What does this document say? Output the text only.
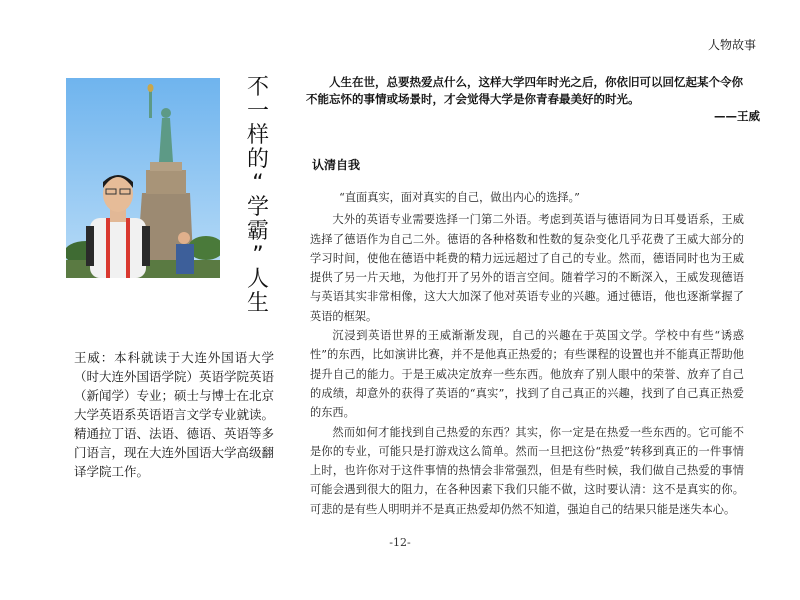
人物故事
不
一
样
的
“
学
霸
”
人
生
王威：本科就读于大连外国语大学（时大连外国语学院）英语学院英语（新闻学）专业；硕士与博士在北京大学英语系英语语言文学专业就读。精通拉丁语、法语、德语、英语等多门语言，现在大连外国语大学高级翻译学院工作。
人生在世，总要热爱点什么，这样大学四年时光之后，你依旧可以回忆起某个令你不能忘怀的事情或场景时，才会觉得大学是你青春最美好的时光。
——王威
认清自我

“直面真实，面对真实的自己，做出内心的选择。”

大外的英语专业需要选择一门第二外语。考虑到英语与德语同为日耳曼语系，王威选择了德语作为自己二外。德语的各种格数和性数的复杂变化几乎花费了王威大部分的学习时间，使他在德语中耗费的精力远远超过了自己的专业。然而，德语同时也为王威提供了另一片天地，为他打开了另外的语言空间。随着学习的不断深入，王威发现德语与英语其实非常相像，这大大加深了他对英语专业的兴趣。通过德语，他也逐渐掌握了英语的框架。

沉浸到英语世界的王威渐渐发现，自己的兴趣在于英国文学。学校中有些“诱惑性”的东西，比如演讲比赛，并不是他真正热爱的；有些课程的设置也并不能真正帮助他提升自己的能力。于是王威决定放弃一些东西。他放弃了别人眼中的荣誉、放弃了自己的成绩，却意外的获得了英语的“真实”，找到了自己真正的兴趣，找到了自己真正热爱的东西。

然而如何才能找到自己热爱的东西？其实，你一定是在热爱一些东西的。它可能不是你的专业，可能只是打游戏这么简单。然而一旦把这份“热爱”转移到真正的一件事情上时，也许你对于这件事情的热情会非常强烈，但是有些时候，我们做自己热爱的事情可能会遇到很大的阻力，在各种因素下我们只能不做，这时要认清：这不是真实的你。可悲的是有些人明明并不是真正热爱却仍然不知道，强迫自己的结果只能是迷失本心。

-12-
